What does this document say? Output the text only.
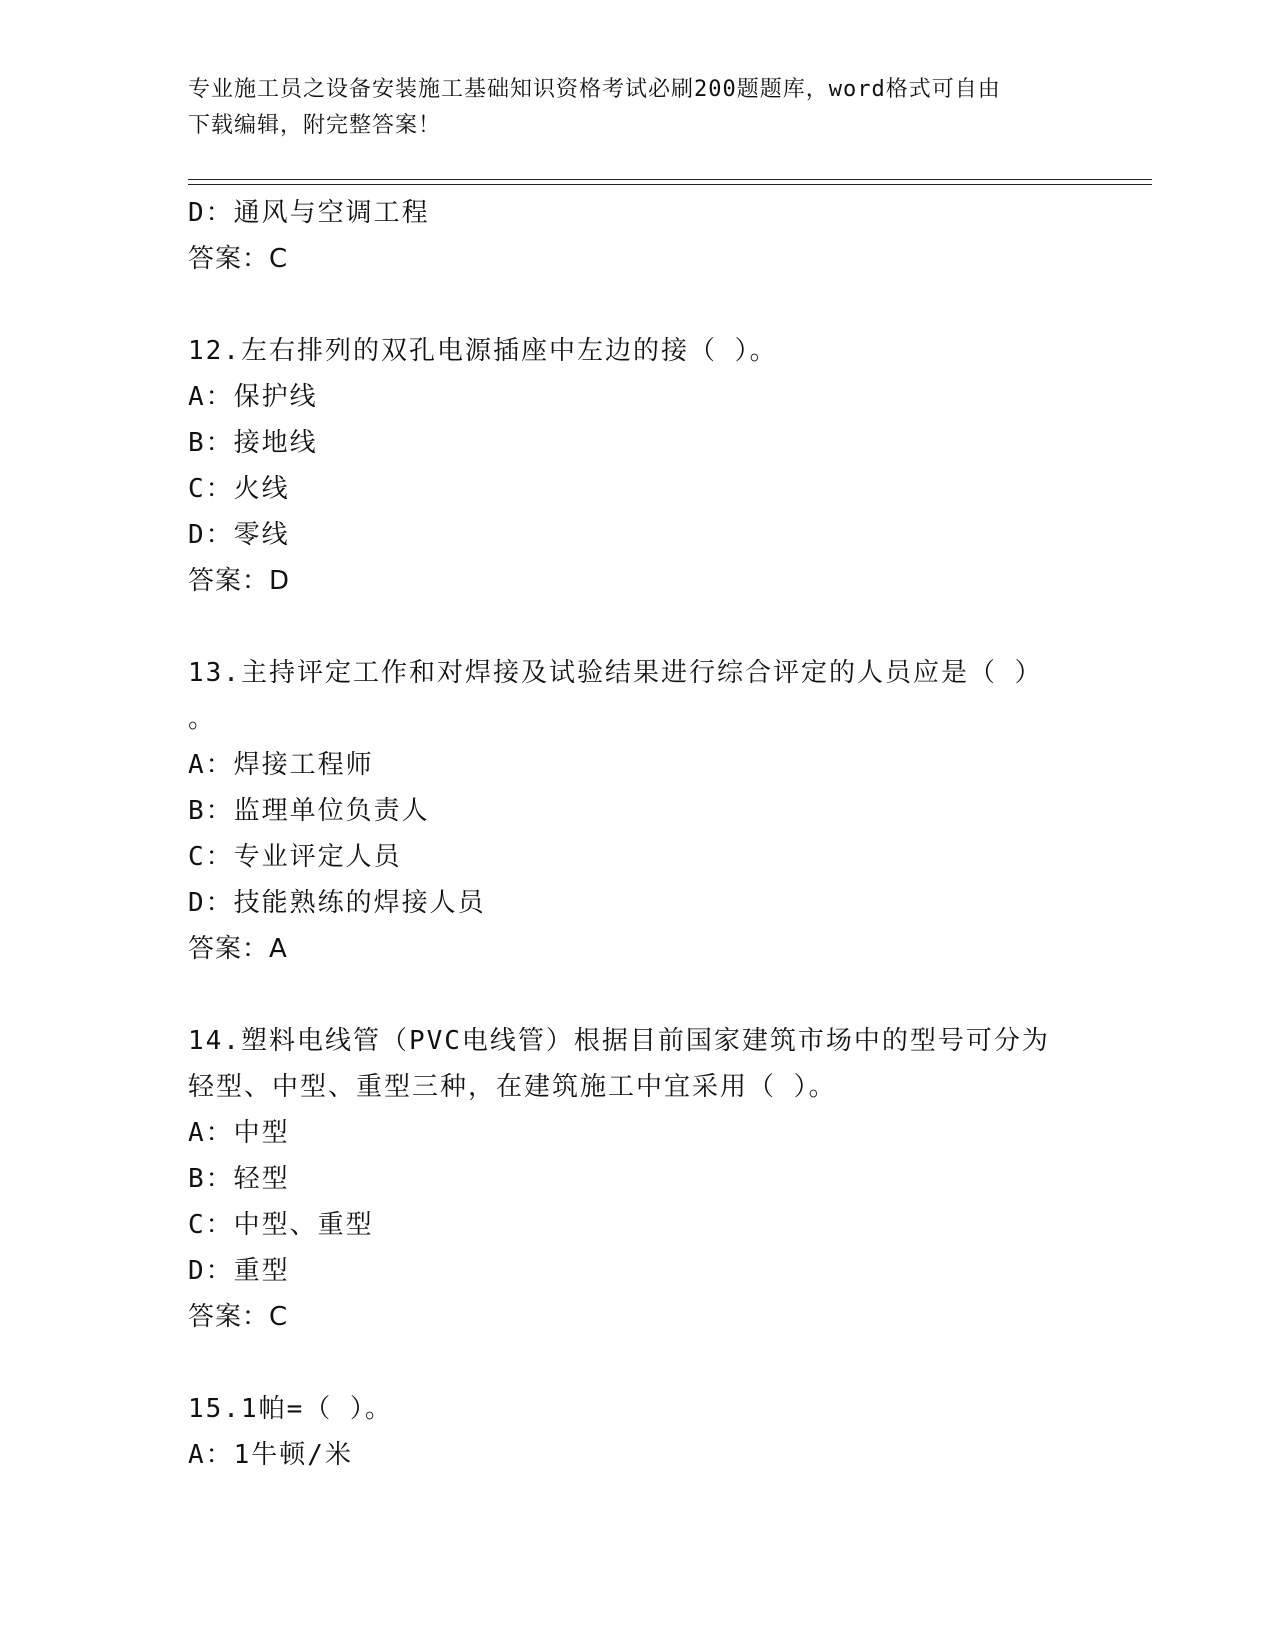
专业施工员之设备安装施工基础知识资格考试必刷200题题库，word格式可自由
下载编辑，附完整答案！
D：通风与空调工程
答案：C
12.左右排列的双孔电源插座中左边的接（ ）。
A：保护线
B：接地线
C：火线
D：零线
答案：D
13.主持评定工作和对焊接及试验结果进行综合评定的人员应是（ ）
。
A：焊接工程师
B：监理单位负责人
C：专业评定人员
D：技能熟练的焊接人员
答案：A
14.塑料电线管（PVC电线管）根据目前国家建筑市场中的型号可分为
轻型、中型、重型三种，在建筑施工中宜采用（ ）。
A：中型
B：轻型
C：中型、重型
D：重型
答案：C
15.1帕=（ ）。
A：1牛顿/米
